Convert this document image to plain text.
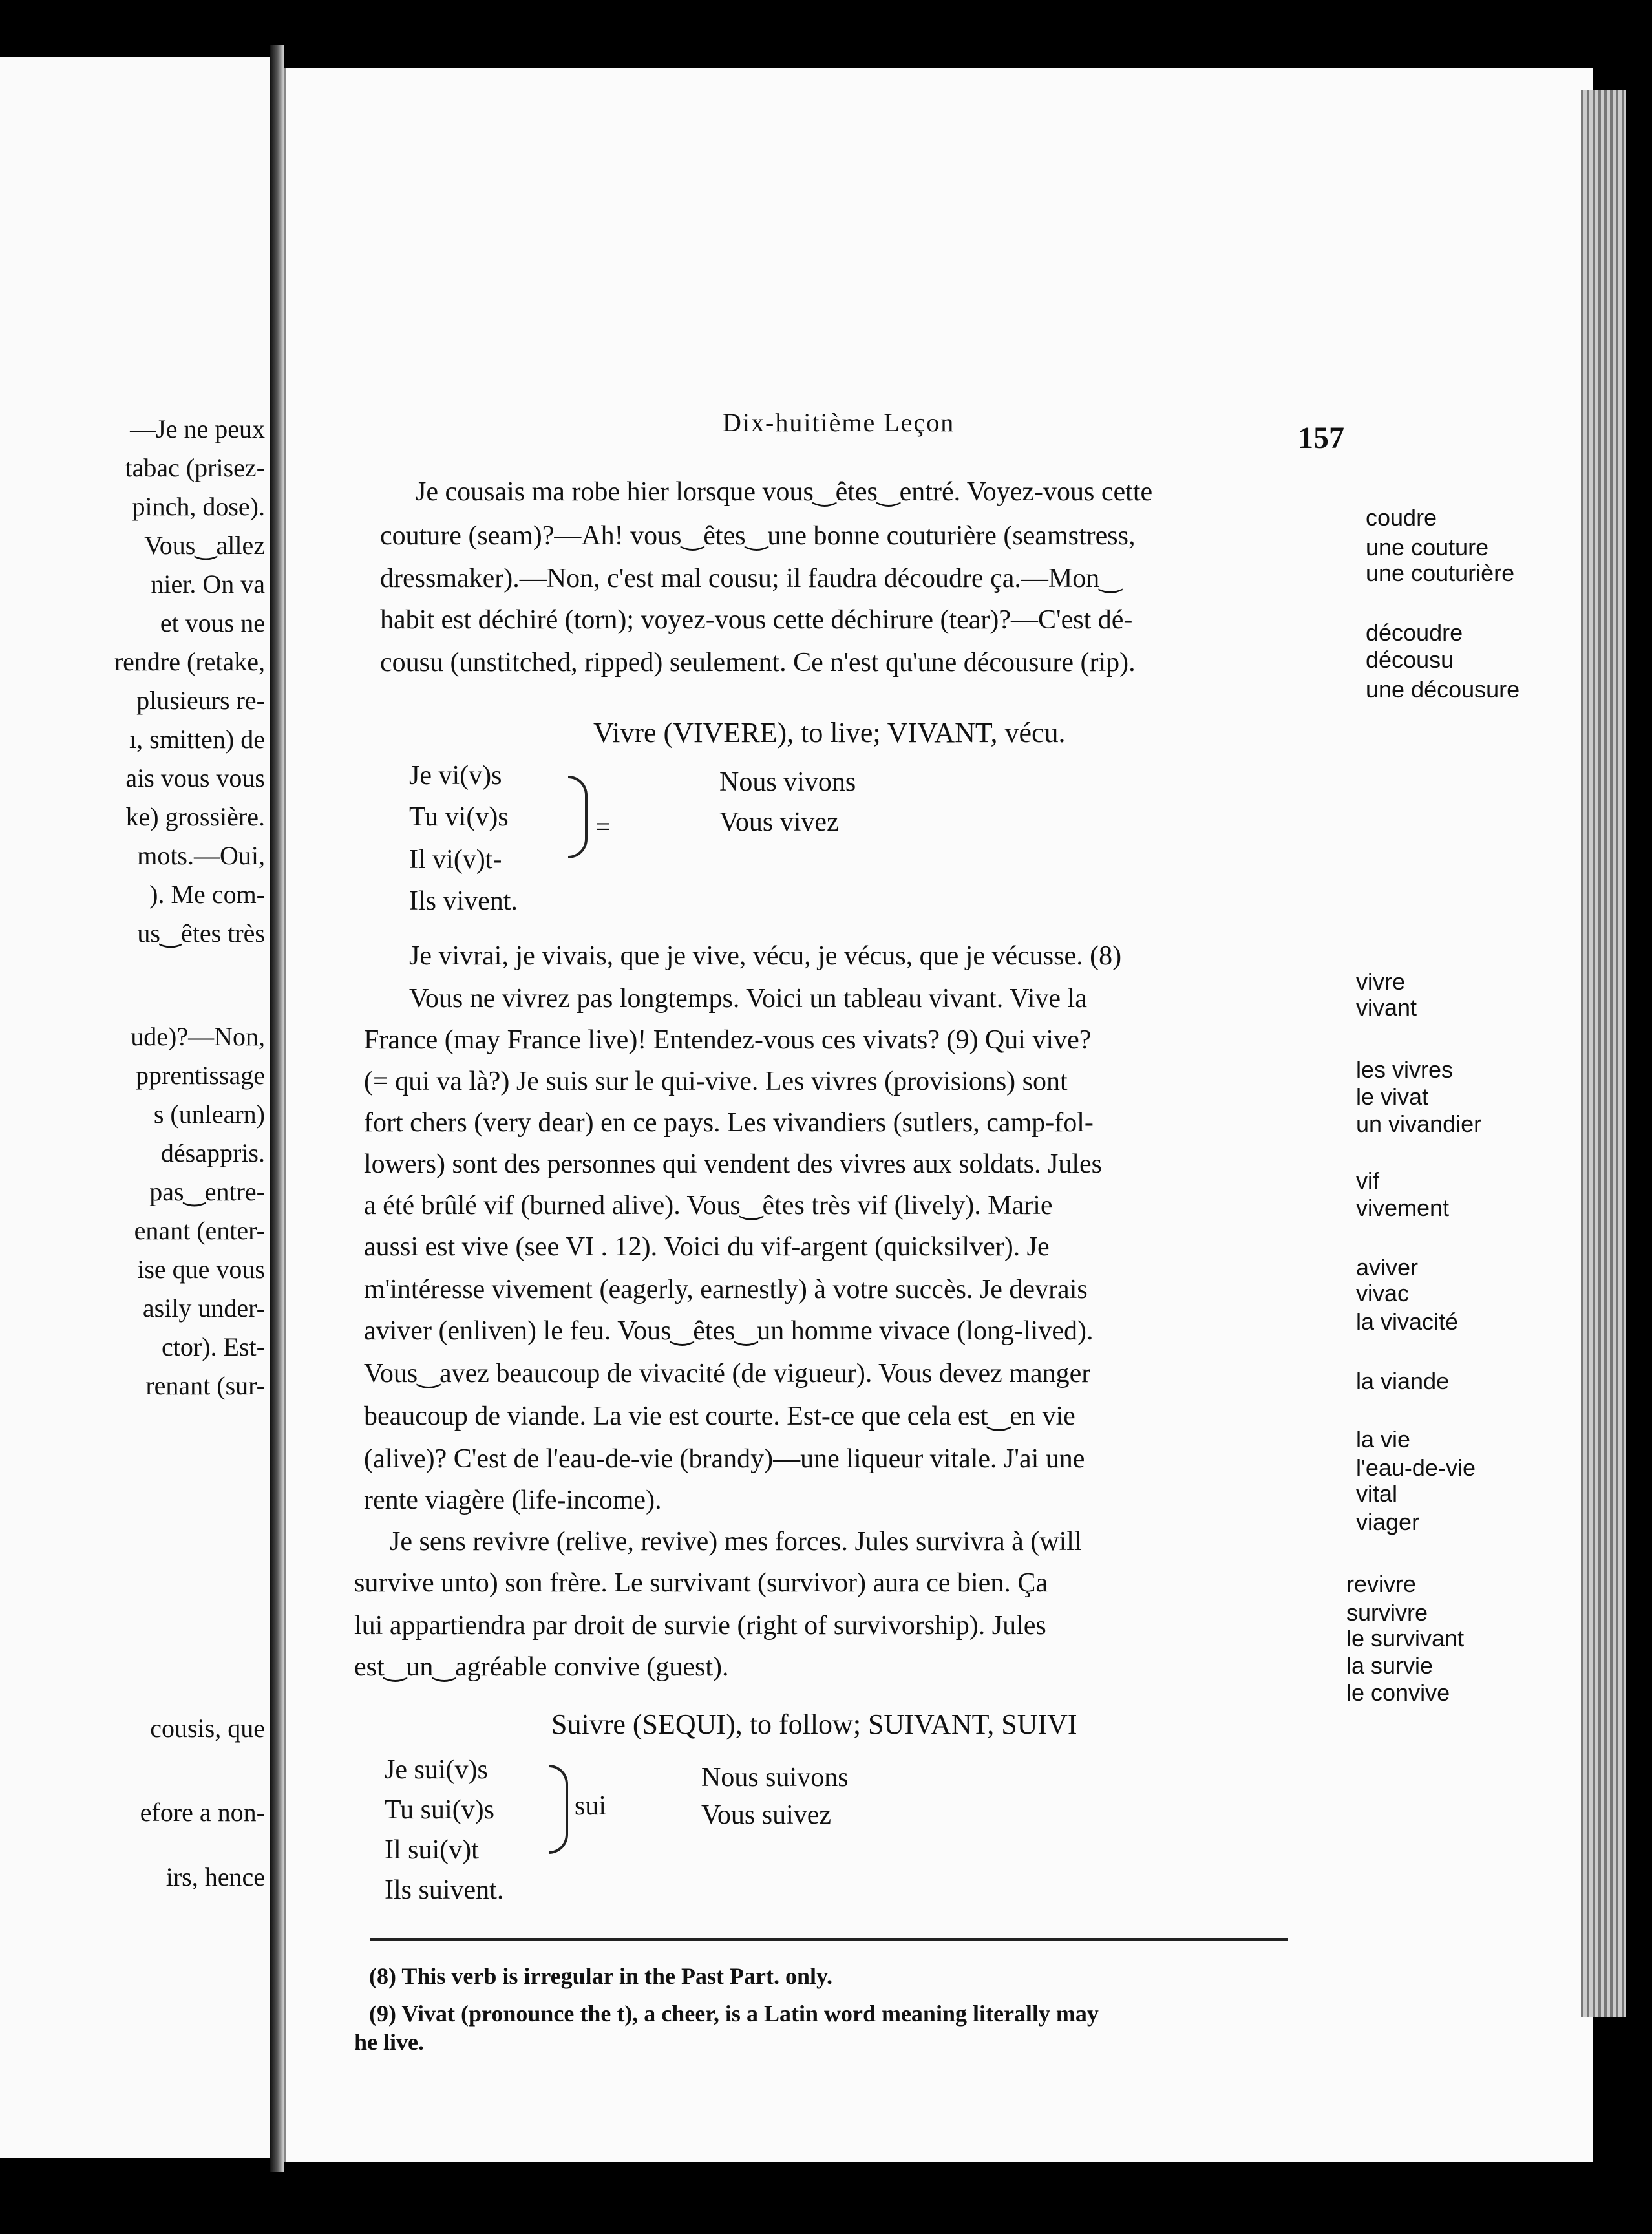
—Je ne peux
tabac (prisez-
pinch, dose).
Vous‿allez
nier. On va
et vous ne
rendre (retake,
plusieurs re-
ı, smitten) de
ais vous vous
ke) grossière.
mots.—Oui,
). Me com-
us‿êtes très
ude)?—Non,
pprentissage
s (unlearn)
désappris.
pas‿entre-
enant (enter-
ise que vous
asily under-
ctor). Est-
renant (sur-
cousis, que
efore a non-
irs, hence
Dix-huitième Leçon	157
Je cousais ma robe hier lorsque vous‿êtes‿entré. Voyez-vous cette
couture (seam)?—Ah! vous‿êtes‿une bonne couturière (seamstress,
dressmaker).—Non, c'est mal cousu; il faudra découdre ça.—Mon‿
habit est déchiré (torn); voyez-vous cette déchirure (tear)?—C'est dé-
cousu (unstitched, ripped) seulement. Ce n'est qu'une décousure (rip).
coudre
une couture
une couturière
découdre
décousu
une décousure
Vivre (VIVERE), to live; VIVANT, vécu.
Je vi(v)s
Tu vi(v)s
Il vi(v)t-
Ils vivent.
Nous vivons
Vous vivez
=
Je vivrai, je vivais, que je vive, vécu, je vécus, que je vécusse. (8)
Vous ne vivrez pas longtemps. Voici un tableau vivant. Vive la
France (may France live)! Entendez-vous ces vivats? (9) Qui vive?
(= qui va là?) Je suis sur le qui-vive. Les vivres (provisions) sont
fort chers (very dear) en ce pays. Les vivandiers (sutlers, camp-fol-
lowers) sont des personnes qui vendent des vivres aux soldats. Jules
a été brûlé vif (burned alive). Vous‿êtes très vif (lively). Marie
aussi est vive (see VI . 12). Voici du vif-argent (quicksilver). Je
m'intéresse vivement (eagerly, earnestly) à votre succès. Je devrais
aviver (enliven) le feu. Vous‿êtes‿un homme vivace (long-lived).
Vous‿avez beaucoup de vivacité (de vigueur). Vous devez manger
beaucoup de viande. La vie est courte. Est-ce que cela est‿en vie
(alive)? C'est de l'eau-de-vie (brandy)—une liqueur vitale. J'ai une
rente viagère (life-income).
vivre
vivant
les vivres
le vivat
un vivandier
vif
vivement
aviver
vivac
la vivacité
la viande
la vie
l'eau-de-vie
vital
viager
Je sens revivre (relive, revive) mes forces. Jules survivra à (will
survive unto) son frère. Le survivant (survivor) aura ce bien. Ça
lui appartiendra par droit de survie (right of survivorship). Jules
est‿un‿agréable convive (guest).
revivre
survivre
le survivant
la survie
le convive
Suivre (SEQUI), to follow; SUIVANT, SUIVI
Je sui(v)s
Tu sui(v)s
Il sui(v)t
Ils suivent.
Nous suivons
Vous suivez
sui
(8) This verb is irregular in the Past Part. only.
(9) Vivat (pronounce the t), a cheer, is a Latin word meaning literally may
he live.
